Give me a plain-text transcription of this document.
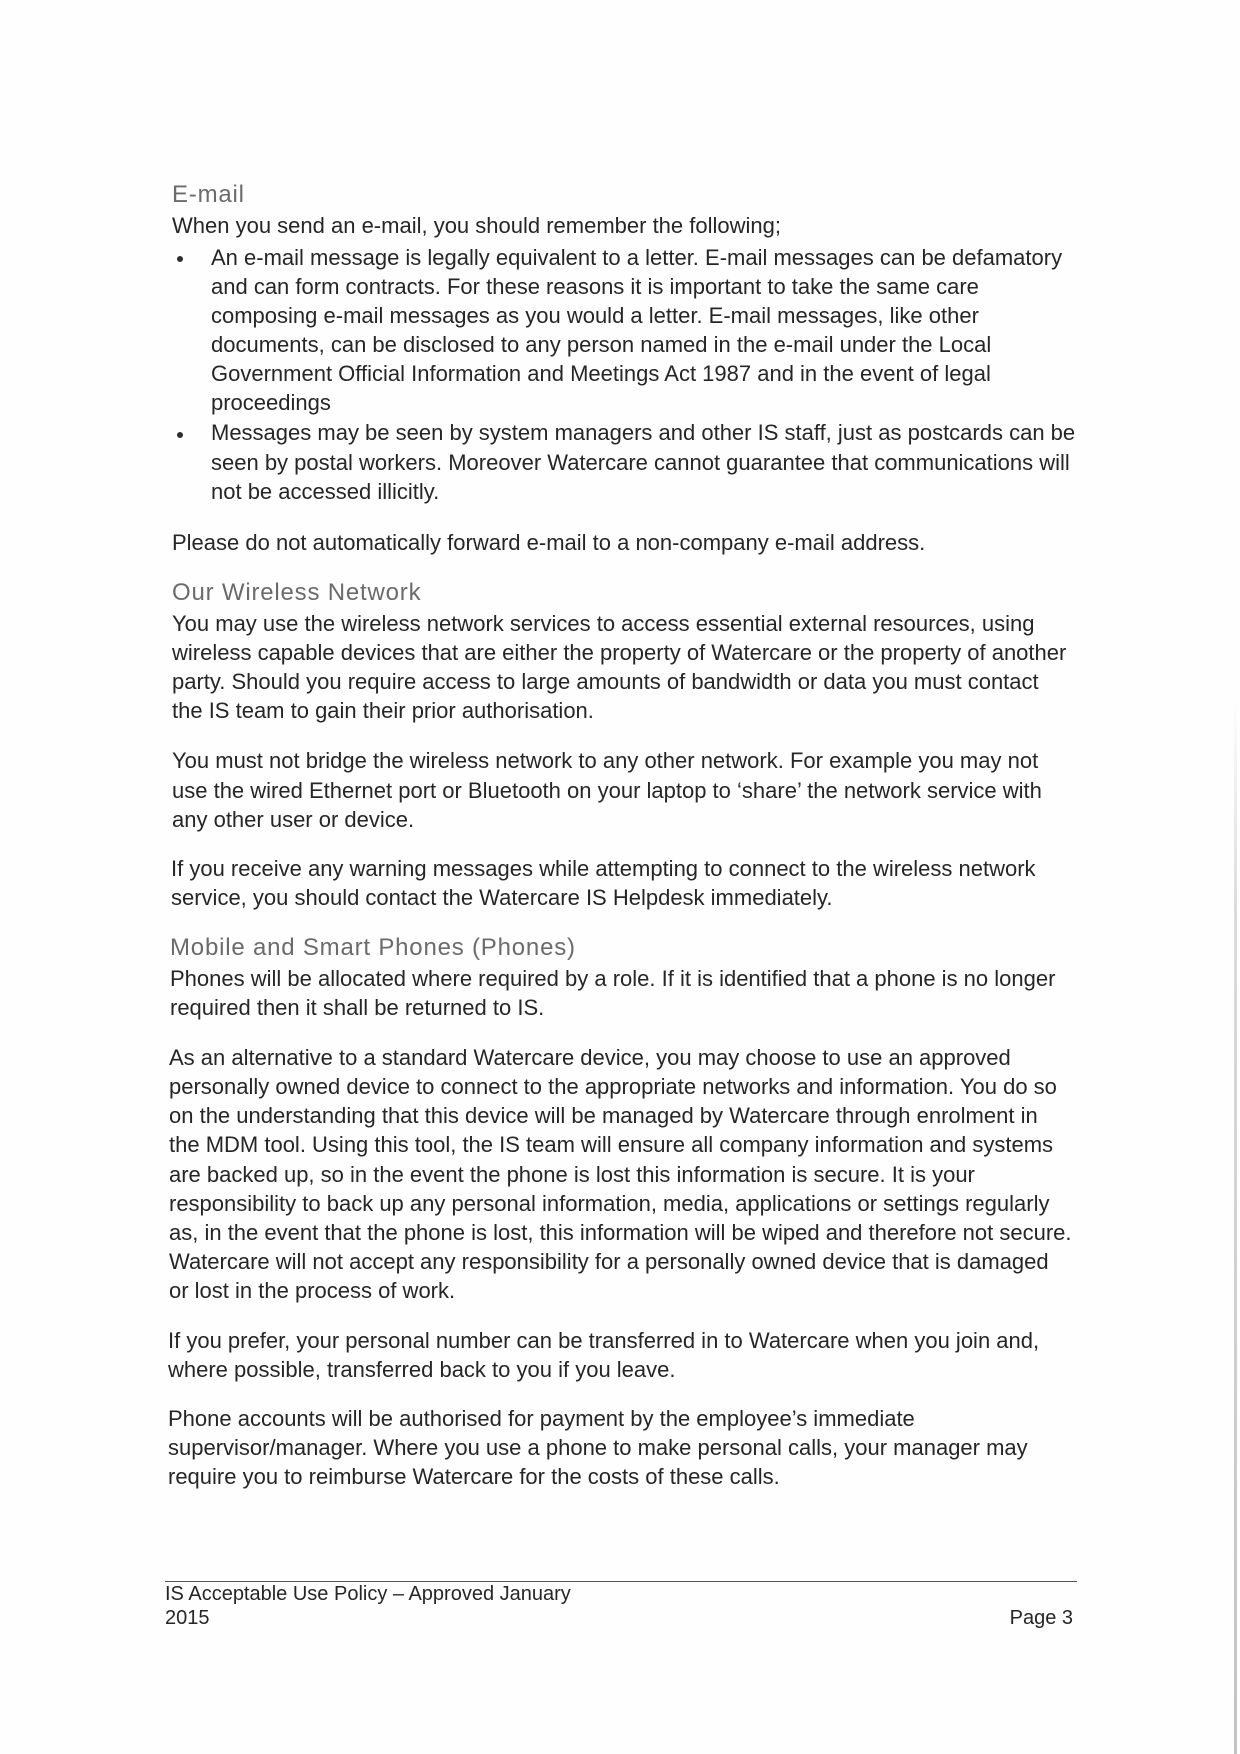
E-mail

When you send an e-mail, you should remember the following;

An e-mail message is legally equivalent to a letter. E-mail messages can be defamatory
and can form contracts. For these reasons it is important to take the same care
composing e-mail messages as you would a letter. E-mail messages, like other
documents, can be disclosed to any person named in the e-mail under the Local
Government Official Information and Meetings Act 1987 and in the event of legal
proceedings
Messages may be seen by system managers and other IS staff, just as postcards can be
seen by postal workers. Moreover Watercare cannot guarantee that communications will
not be accessed illicitly.

Please do not automatically forward e-mail to a non-company e-mail address.

Our Wireless Network

You may use the wireless network services to access essential external resources, using
wireless capable devices that are either the property of Watercare or the property of another
party. Should you require access to large amounts of bandwidth or data you must contact
the IS team to gain their prior authorisation.

You must not bridge the wireless network to any other network. For example you may not
use the wired Ethernet port or Bluetooth on your laptop to ‘share’ the network service with
any other user or device.

If you receive any warning messages while attempting to connect to the wireless network
service, you should contact the Watercare IS Helpdesk immediately.

Mobile and Smart Phones (Phones)

Phones will be allocated where required by a role. If it is identified that a phone is no longer
required then it shall be returned to IS.

As an alternative to a standard Watercare device, you may choose to use an approved
personally owned device to connect to the appropriate networks and information. You do so
on the understanding that this device will be managed by Watercare through enrolment in
the MDM tool. Using this tool, the IS team will ensure all company information and systems
are backed up, so in the event the phone is lost this information is secure. It is your
responsibility to back up any personal information, media, applications or settings regularly
as, in the event that the phone is lost, this information will be wiped and therefore not secure.
Watercare will not accept any responsibility for a personally owned device that is damaged
or lost in the process of work.

If you prefer, your personal number can be transferred in to Watercare when you join and,
where possible, transferred back to you if you leave.

Phone accounts will be authorised for payment by the employee’s immediate
supervisor/manager. Where you use a phone to make personal calls, your manager may
require you to reimburse Watercare for the costs of these calls.

IS Acceptable Use Policy – Approved January
2015	Page 3
